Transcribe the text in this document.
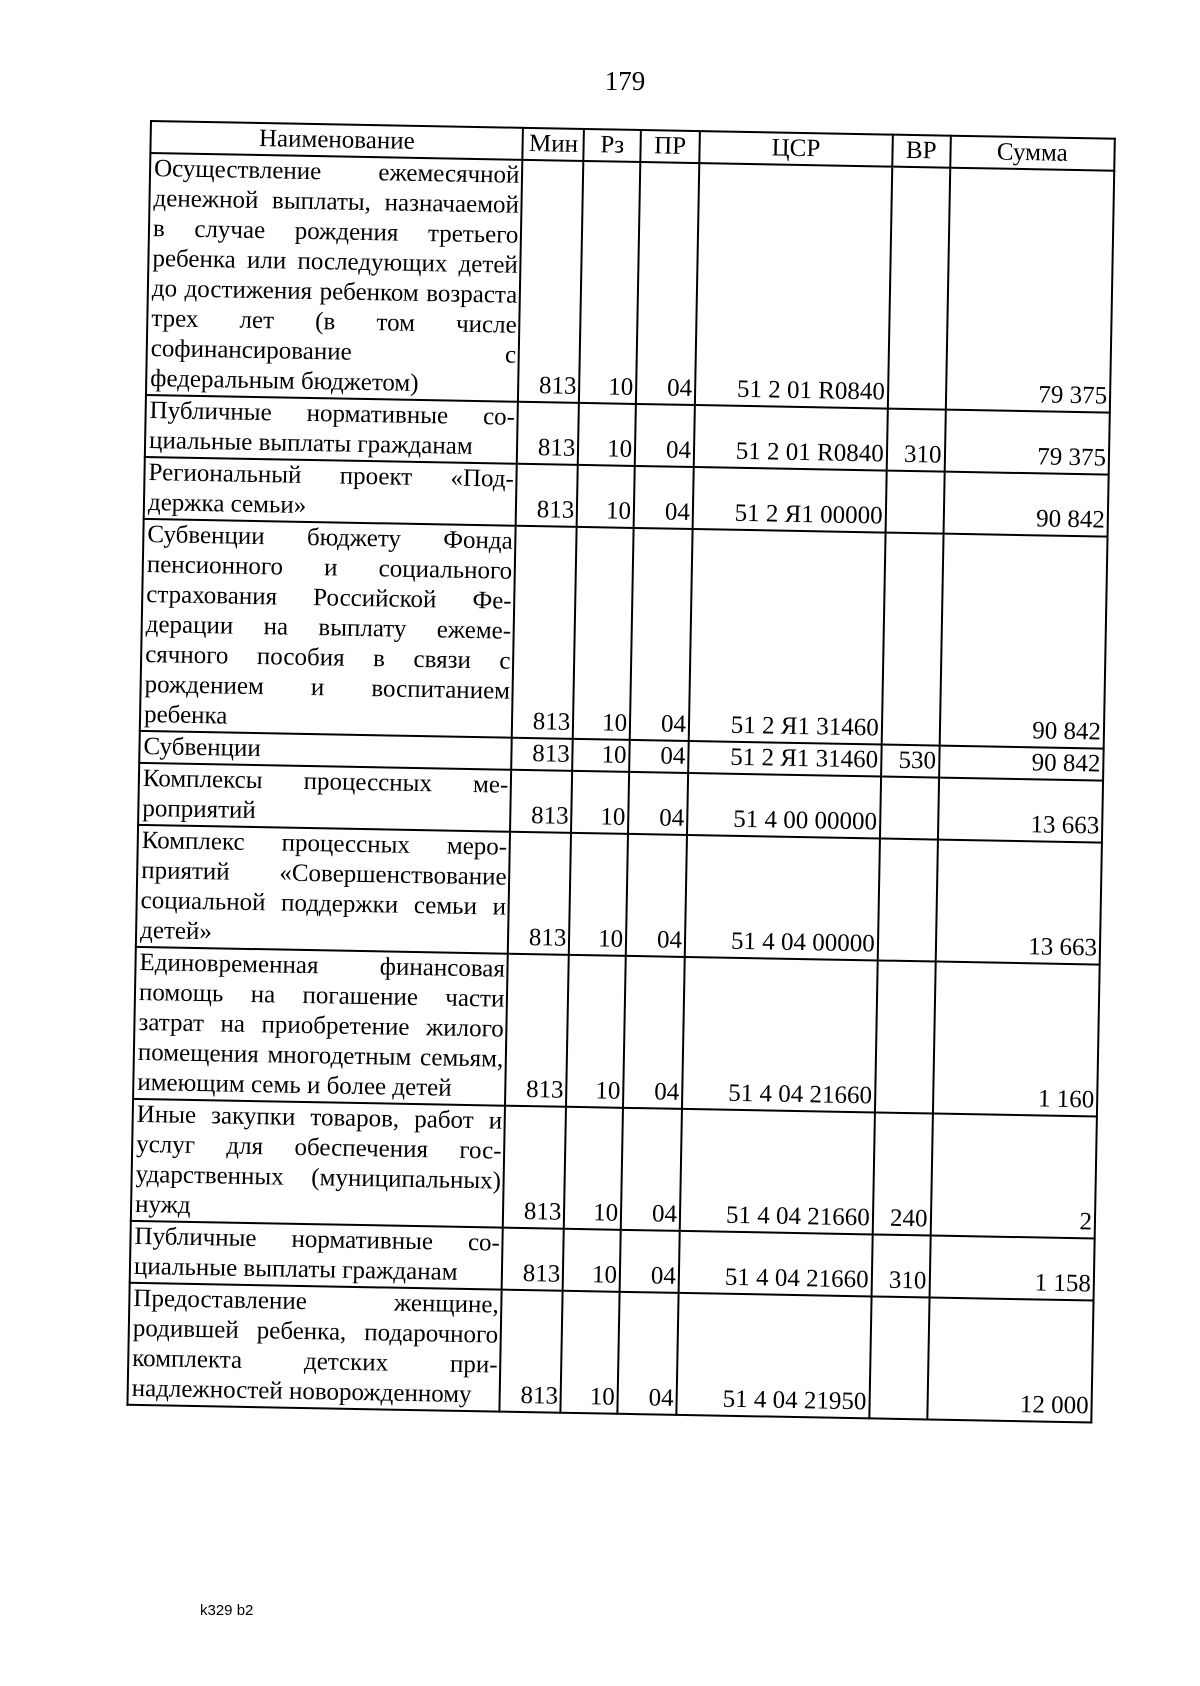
179
Наименование	Мин	Рз	ПР	ЦСР	ВР	Сумма
Осуществление ежемесячной денежной выплаты, назначаемой в случае рождения третьего ребенка или последующих детей до достижения ребенком возраста трех лет (в том числе софинансирование с федеральным бюджетом)	813	10	04	51 2 01 R0840		79 375
Публичные нормативные социальные выплаты гражданам	813	10	04	51 2 01 R0840	310	79 375
Региональный проект «Поддержка семьи»	813	10	04	51 2 Я1 00000		90 842
Субвенции бюджету Фонда пенсионного и социального страхования Российской Федерации на выплату ежемесячного пособия в связи с рождением и воспитанием ребенка	813	10	04	51 2 Я1 31460		90 842
Субвенции	813	10	04	51 2 Я1 31460	530	90 842
Комплексы процессных мероприятий	813	10	04	51 4 00 00000		13 663
Комплекс процессных мероприятий «Совершенствование социальной поддержки семьи и детей»	813	10	04	51 4 04 00000		13 663
Единовременная финансовая помощь на погашение части затрат на приобретение жилого помещения многодетным семьям, имеющим семь и более детей	813	10	04	51 4 04 21660		1 160
Иные закупки товаров, работ и услуг для обеспечения государственных (муниципальных) нужд	813	10	04	51 4 04 21660	240	2
Публичные нормативные социальные выплаты гражданам	813	10	04	51 4 04 21660	310	1 158
Предоставление женщине, родившей ребенка, подарочного комплекта детских принадлежностей новорожденному	813	10	04	51 4 04 21950		12 000
k329 b2
